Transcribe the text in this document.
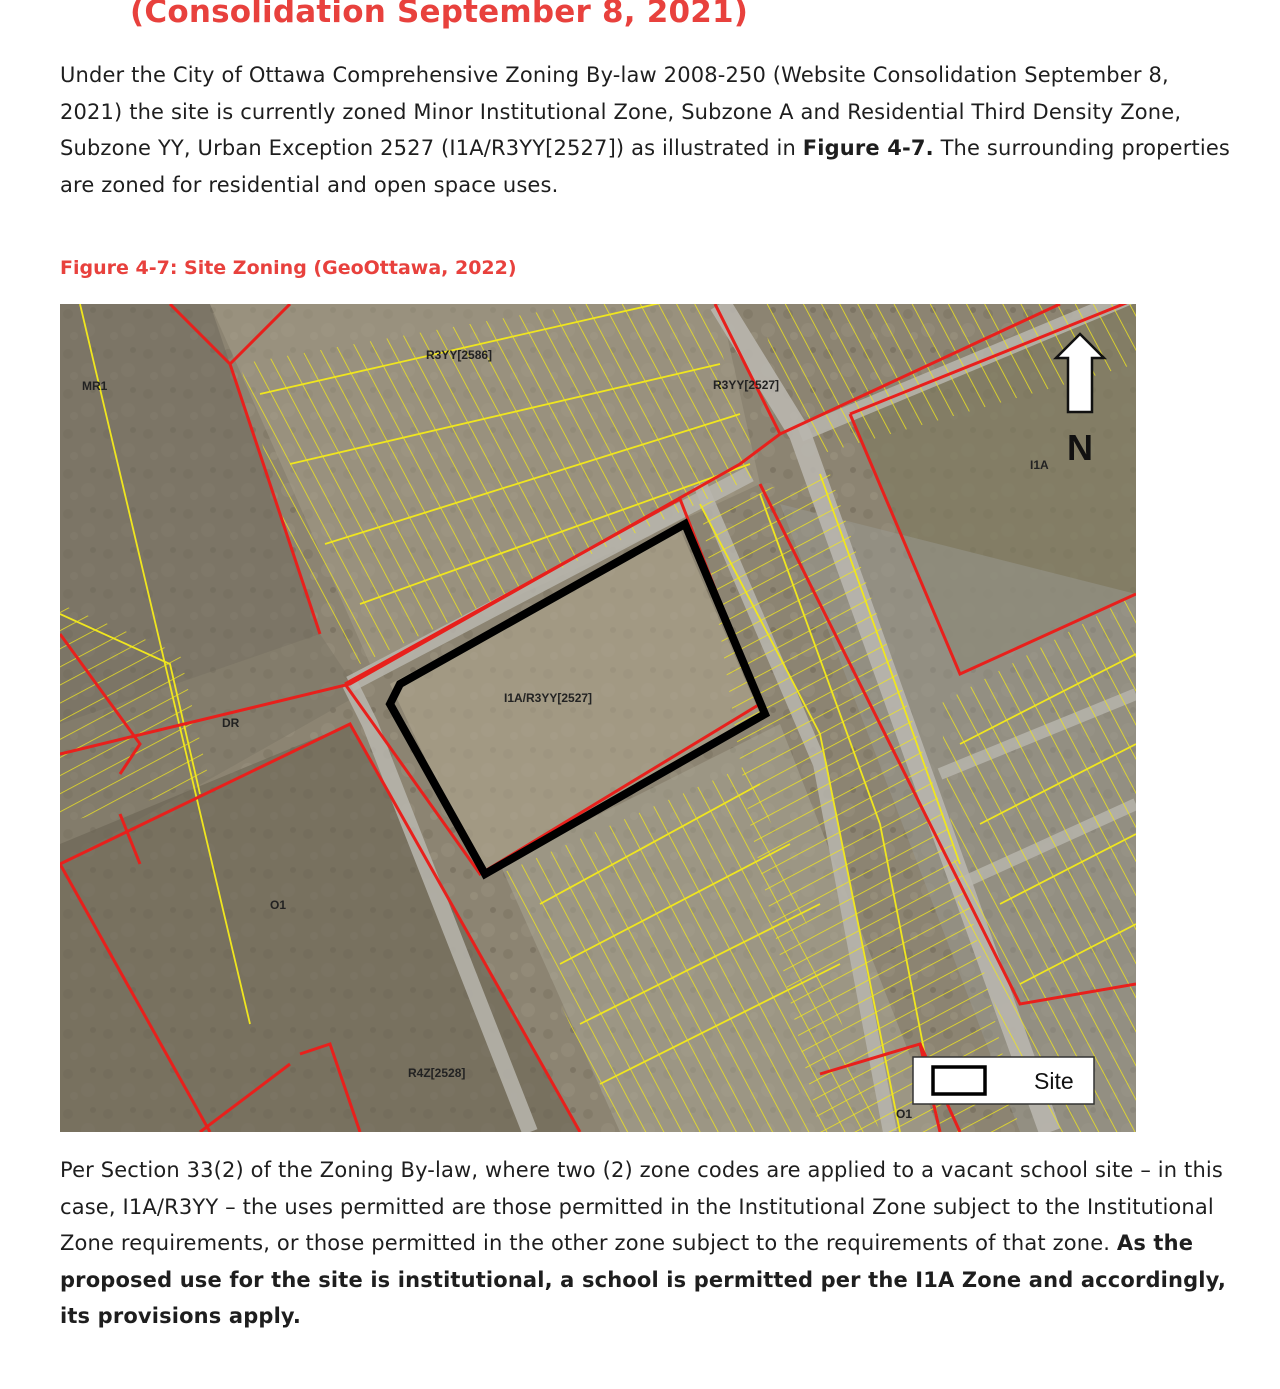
(Consolidation September 8, 2021)

Under the City of Ottawa Comprehensive Zoning By-law 2008-250 (Website Consolidation September 8, 2021) the site is currently zoned Minor Institutional Zone, Subzone A and Residential Third Density Zone, Subzone YY, Urban Exception 2527 (I1A/R3YY[2527]) as illustrated in Figure 4-7. The surrounding properties are zoned for residential and open space uses.

Figure 4-7: Site Zoning (GeoOttawa, 2022)
MR1
R3YY[2586]
R3YY[2527]
I1A
DR
I1A/R3YY[2527]
O1
R4Z[2528]
O1
N
Site

Per Section 33(2) of the Zoning By-law, where two (2) zone codes are applied to a vacant school site – in this case, I1A/R3YY – the uses permitted are those permitted in the Institutional Zone subject to the Institutional Zone requirements, or those permitted in the other zone subject to the requirements of that zone. As the proposed use for the site is institutional, a school is permitted per the I1A Zone and accordingly, its provisions apply.
